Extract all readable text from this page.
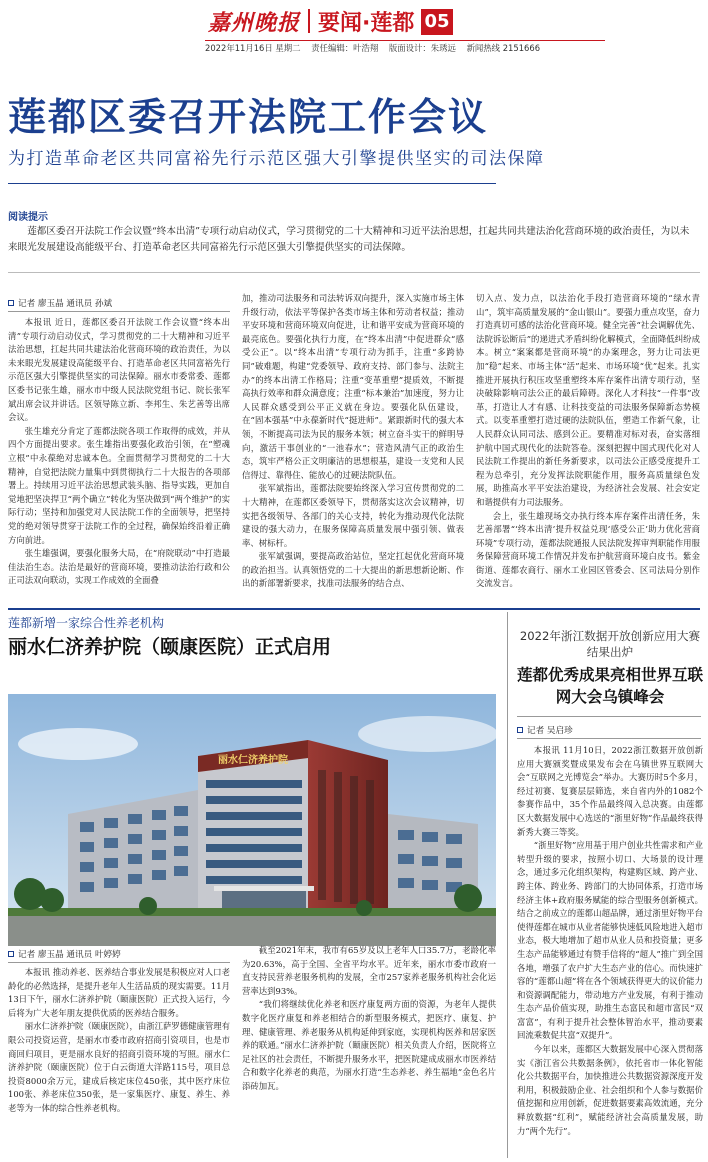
嘉州晚报 要闻·莲都 05
2022年11月16日 星期二 责任编辑：叶浩翔 版面设计：朱琇远 新闻热线 2151666
莲都区委召开法院工作会议
为打造革命老区共同富裕先行示范区强大引擎提供坚实的司法保障
阅读提示
莲都区委召开法院工作会议暨“终本出清”专项行动启动仪式，学习贯彻党的二十大精神和习近平法治思想，扛起共同共建法治化营商环境的政治责任，为以未来眼光发展建设高能级平台、打造革命老区共同富裕先行示范区强大引擎提供坚实的司法保障。
记者 廖玉晶 通讯员 孙斌

本报讯 近日，莲都区委召开法院工作会议暨“终本出清”专项行动启动仪式，学习贯彻党的二十大精神和习近平法治思想，扛起共同共建法治化营商环境的政治责任，为以未来眼光发展建设高能级平台、打造革命老区共同富裕先行示范区强大引擎提供坚实的司法保障。丽水市委常委、莲都区委书记张生雄，丽水市中级人民法院党组书记、院长张军斌出席会议并讲话。区领导陈立新、李邦生、朱艺善等出席会议。

张生雄充分肯定了莲都法院各项工作取得的成效，并从四个方面提出要求。张生雄指出要强化政治引领，在“塑魂立根”中永葆绝对忠诚本色。全面贯彻学习贯彻党的二十大精神，自觉把法院力量集中到贯彻执行二十大报告的各项部署上。持续用习近平法治思想武装头脑、指导实践，更加自觉地把坚决捍卫“两个确立”转化为坚决做到“两个维护”的实际行动；坚持和加强党对人民法院工作的全面领导，把坚持党的绝对领导贯穿于法院工作的全过程，确保始终沿着正确方向前进。

张生雄强调，要强化服务大局，在“府院联动”中打造最佳法治生态。法治是最好的营商环境，要推动法治行政和公正司法双向联动，实现工作成效的全面叠

加，推动司法服务和司法转诉双向提升，深入实施市场主体升级行动，依法平等保护各类市场主体和劳动者权益；推动平安环境和营商环境双向促进，让和谐平安成为营商环境的最亮底色。要强化执行力度，在“终本出清”中促进群众“感受公正”。以“终本出清”专项行动为抓手，注重“多跨协同”破难题，构建“党委领导、政府支持、部门参与、法院主办”的终本出清工作格局；注重“变革重塑”提质效，不断提高执行效率和群众满意度；注重“标本兼治”加速度，努力让人民群众感受到公平正义就在身边。要强化队伍建设，在“固本强基”中永葆新时代“挺进师”。紧跟新时代的强大本领，不断提高司法为民的服务本领；树立奋斗实干的鲜明导向，激活干事创业的“一池春水”；营造风清气正的政治生态，筑牢严格公正文明廉洁的思想根基，建设一支党和人民信得过、靠得住、能放心的过硬法院队伍。

张军斌指出，莲都法院要始终深入学习宣传贯彻党的二十大精神，在莲都区委领导下，贯彻落实这次会议精神，切实把各级领导、各部门的关心支持，转化为推动现代化法院建设的强大动力，在服务保障高质量发展中强引领、做表率、树标杆。

张军斌强调，要提高政治站位，坚定扛起优化营商环境的政治担当。认真领悟党的二十大提出的新思想新论断、作出的新部署新要求，找准司法服务的结合点、

切入点、发力点，以法治化手段打造营商环境的“绿水青山”，筑牢高质量发展的“金山银山”。要强力重点攻坚，奋力打造真切可感的法治化营商环境。健全完善“社会调解优先、法院诉讼断后”的递进式矛盾纠纷化解模式，全面降低纠纷成本。树立“案案都是营商环境”的办案理念，努力让司法更加“稳”起来、市场主体“活”起来、市场环境“优”起来。扎实推进开展执行积压攻坚重塑终本库存案件出清专项行动，坚决破除影响司法公正的最后障碍。深化人才科技“一件事”改革，打造让人才有感、让科技变益的司法服务保障新态势模式。以变革重塑打造过硬的法院队伍，塑造工作新气象，让人民群众认同司法、感到公正。要精准对标对表，奋实落细护航中国式现代化的法院答卷。深刻把握中国式现代化对人民法院工作提出的新任务新要求，以司法公正感受度提升工程为总牵引，充分发挥法院职能作用，服务高质量绿色发展，助推高水平平安法治建设，为经济社会发展、社会安定和谐提供有力司法服务。

会上，张生雄现场交办执行终本库存案件出清任务，朱艺善部署“‘终本出清’提升权益兑现‘感受公正’助力优化营商环境”专项行动，莲都法院通报人民法院发挥审判职能作用服务保障营商环境工作情况并发布护航营商环境白皮书。紫金街道、莲都农商行、丽水工业园区管委会、区司法局分别作交流发言。

莲都新增一家综合性养老机构
丽水仁济养护院（颐康医院）正式启用
丽水仁济养护院
记者 廖玉晶 通讯员 叶婷婷

本报讯 推动养老、医养结合事业发展是积极应对人口老龄化的必然选择，是提升老年人生活品质的现实需要。11月13日下午，丽水仁济养护院（颐康医院）正式投入运行，今后将为广大老年朋友提供优质的医养结合服务。

丽水仁济养护院（颐康医院），由浙江萨罗德健康管理有限公司投资运营，是丽水市委市政府招商引资项目，也是市商回归项目，更是丽水良好的招商引资环境的写照。丽水仁济养护院（颐康医院）位于白云街道大洋路115号，项目总投资8000余万元，建成后核定床位450张，其中医疗床位100张、养老床位350张，是一家集医疗、康复、养生、养老等为一体的综合性养老机构。

截至2021年末，我市有65岁及以上老年人口35.7万，老龄化率为20.63%，高于全国、全省平均水平。近年来，丽水市委市政府一直支持民营养老服务机构的发展，全市257家养老服务机构社会化运营率达到93%。

“我们将继续优化养老和医疗康复两方面的资源，为老年人提供数字化医疗康复和养老相结合的新型服务模式，把医疗、康复、护理、健康管理、养老服务从机构延伸到家庭，实现机构医养和居家医养的联通。”丽水仁济养护院（颐康医院）相关负责人介绍，医院将立足社区的社会责任，不断提升服务水平，把医院建成成丽水市医养结合和数字化养老的典范，为丽水打造“生态养老、养生福地”金色名片添砖加瓦。

2022年浙江数据开放创新应用大赛结果出炉
莲都优秀成果亮相世界互联网大会乌镇峰会
记者 吴启珍

本报讯 11月10日，2022浙江数据开放创新应用大赛颁奖暨成果发布会在乌镇世界互联网大会“互联网之光博览会”举办。大赛历时5个多月，经过初赛、复赛层层筛选，来自省内外的1082个参赛作品中，35个作品最终闯入总决赛。由莲都区大数据发展中心选送的“浙里好物”作品最终获得新秀大赛三等奖。

“浙里好物”应用基于用户创业共性需求和产业转型升级的要求，按照小切口、大场景的设计理念，通过多元化组织架构，构建购区域、跨产业、跨主体、跨业务、跨部门的大协同体系，打造市场经济主体+政府服务赋能的综合型服务创新模式。结合之前成立的莲都山超品牌，通过浙里好物平台使得莲都在城市从业者能够快速低风险地进入超市业态，极大地增加了超市从业人员和投资量；更多生态产品能够通过有赞手信将的“超人”推广到全国各地，增强了农户扩大生态产业的信心。而快速扩容的“莲都山超”将在各个领域获得更大的议价能力和资源调配能力，带动地方产业发展，有利于推动生态产品价值实现，助推生态富民和超市富民“双富富”，有利于提升社会整体智治水平，推动要素回流乘数促共富“双提升”。

今年以来，莲都区大数据发展中心深入贯彻落实《浙江省公共数据条例》，依托省市一体化智能化公共数据平台，加快推进公共数据资源深度开发利用，积极鼓励企业、社会组织和个人参与数据价值挖掘和应用创新，促进数据要素高效流通，充分释放数据“红利”，赋能经济社会高质量发展，助力“两个先行”。
